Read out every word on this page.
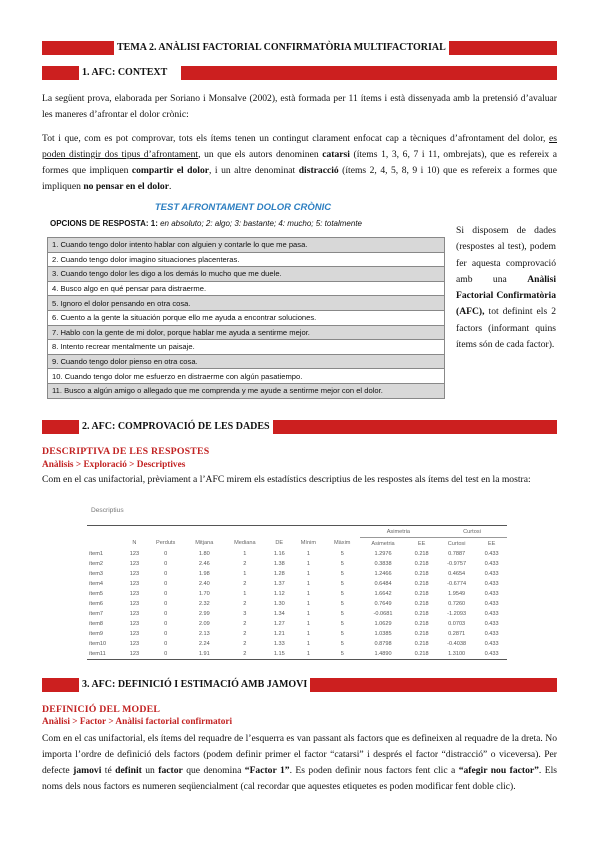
TEMA 2. ANÀLISI FACTORIAL CONFIRMATÒRIA MULTIFACTORIAL
1. AFC: CONTEXT
La següent prova, elaborada per Soriano i Monsalve (2002), està formada per 11 ítems i està dissenyada amb la pretensió d’avaluar les maneres d’afrontar el dolor crònic:
Tot i que, com es pot comprovar, tots els ítems tenen un contingut clarament enfocat cap a tècniques d’afrontament del dolor, es poden distingir dos tipus d’afrontament, un que els autors denominen catarsi (ítems 1, 3, 6, 7 i 11, ombrejats), que es refereix a formes que impliquen compartir el dolor, i un altre denominat distracció (ítems 2, 4, 5, 8, 9 i 10) que es refereix a formes que impliquen no pensar en el dolor.
TEST AFRONTAMENT DOLOR CRÒNIC
OPCIONS DE RESPOSTA: 1: en absoluto; 2: algo; 3: bastante; 4: mucho; 5: totalmente
1. Cuando tengo dolor intento hablar con alguien y contarle lo que me pasa.
2. Cuando tengo dolor imagino situaciones placenteras.
3. Cuando tengo dolor les digo a los demás lo mucho que me duele.
4. Busco algo en qué pensar para distraerme.
5. Ignoro el dolor pensando en otra cosa.
6. Cuento a la gente la situación porque ello me ayuda a encontrar soluciones.
7. Hablo con la gente de mi dolor, porque hablar me ayuda a sentirme mejor.
8. Intento recrear mentalmente un paisaje.
9. Cuando tengo dolor pienso en otra cosa.
10. Cuando tengo dolor me esfuerzo en distraerme con algún pasatiempo.
11. Busco a algún amigo o allegado que me comprenda y me ayude a sentirme mejor con el dolor.
Si disposem de dades (respostes al test), podem fer aquesta comprovació amb una Anàlisi Factorial Confirmatòria (AFC), tot definint els 2 factors (informant quins ítems són de cada factor).
2. AFC: COMPROVACIÓ DE LES DADES
DESCRIPTIVA DE LES RESPOSTES
Anàlisis > Exploració > Descriptives
Com en el cas unifactorial, prèviament a l’AFC mirem els estadístics descriptius de les respostes als ítems del test en la mostra:
Descriptius
								Asimetria		Curtosi	
	N	Perduts	Mitjana	Mediana	DE	Mínim	Màxim	Asimetria	EE	Curtosi	EE
ítem1	123	0	1.80	1	1.16	1	5	1.2976	0.218	0.7887	0.433
ítem2	123	0	2.46	2	1.38	1	5	0.3838	0.218	-0.9757	0.433
ítem3	123	0	1.98	1	1.28	1	5	1.2466	0.218	0.4654	0.433
ítem4	123	0	2.40	2	1.37	1	5	0.6484	0.218	-0.6774	0.433
ítem5	123	0	1.70	1	1.12	1	5	1.6642	0.218	1.9549	0.433
ítem6	123	0	2.32	2	1.30	1	5	0.7649	0.218	0.7260	0.433
ítem7	123	0	2.99	3	1.34	1	5	-0.0681	0.218	-1.2093	0.433
ítem8	123	0	2.09	2	1.27	1	5	1.0629	0.218	0.0703	0.433
ítem9	123	0	2.13	2	1.21	1	5	1.0385	0.218	0.2871	0.433
ítem10	123	0	2.24	2	1.33	1	5	0.8798	0.218	-0.4038	0.433
ítem11	123	0	1.91	2	1.15	1	5	1.4890	0.218	1.3100	0.433
3. AFC: DEFINICIÓ I ESTIMACIÓ AMB JAMOVI
DEFINICIÓ DEL MODEL
Anàlisi > Factor > Anàlisi factorial confirmatori
Com en el cas unifactorial, els ítems del requadre de l’esquerra es van passant als factors que es defineixen al requadre de la dreta. No importa l’ordre de definició dels factors (podem definir primer el factor “catarsi” i després el factor “distracció” o viceversa). Per defecte jamovi té definit un factor que denomina “Factor 1”. Es poden definir nous factors fent clic a “afegir nou factor”. Els noms dels nous factors es numeren seqüencialment (cal recordar que aquestes etiquetes es poden modificar fent doble clic).
